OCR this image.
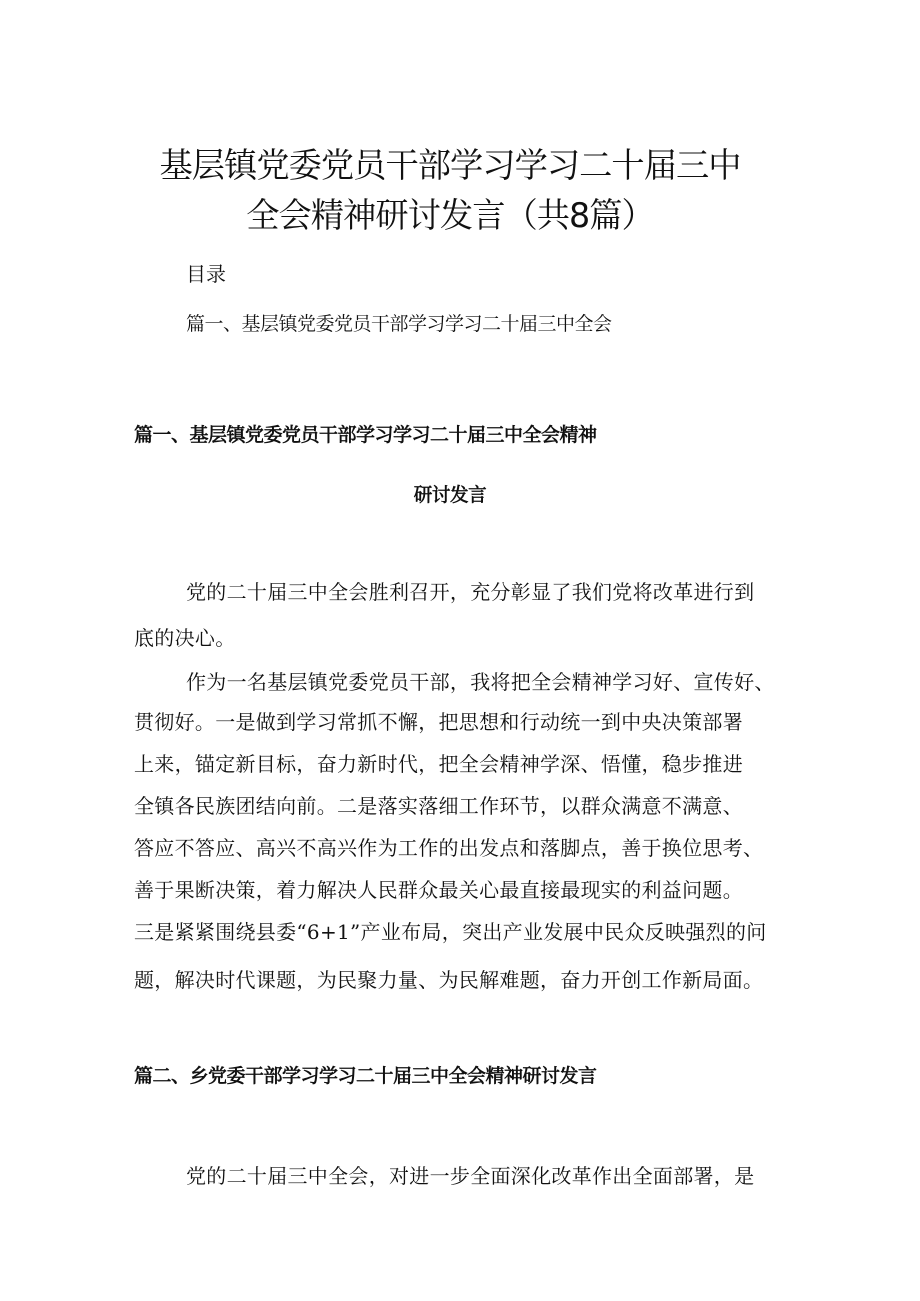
基层镇党委党员干部学习学习二十届三中
全会精神研讨发言（共8篇）
目录
篇一、基层镇党委党员干部学习学习二十届三中全会
篇一、基层镇党委党员干部学习学习二十届三中全会精神
研讨发言
党的二十届三中全会胜利召开，充分彰显了我们党将改革进行到
底的决心。
作为一名基层镇党委党员干部，我将把全会精神学习好、宣传好、
贯彻好。一是做到学习常抓不懈，把思想和行动统一到中央决策部署
上来，锚定新目标，奋力新时代，把全会精神学深、悟懂，稳步推进
全镇各民族团结向前。二是落实落细工作环节，以群众满意不满意、
答应不答应、高兴不高兴作为工作的出发点和落脚点，善于换位思考、
善于果断决策，着力解决人民群众最关心最直接最现实的利益问题。
三是紧紧围绕县委“6+1”产业布局，突出产业发展中民众反映强烈的问
题，解决时代课题，为民聚力量、为民解难题，奋力开创工作新局面。
篇二、乡党委干部学习学习二十届三中全会精神研讨发言
党的二十届三中全会，对进一步全面深化改革作出全面部署，是
